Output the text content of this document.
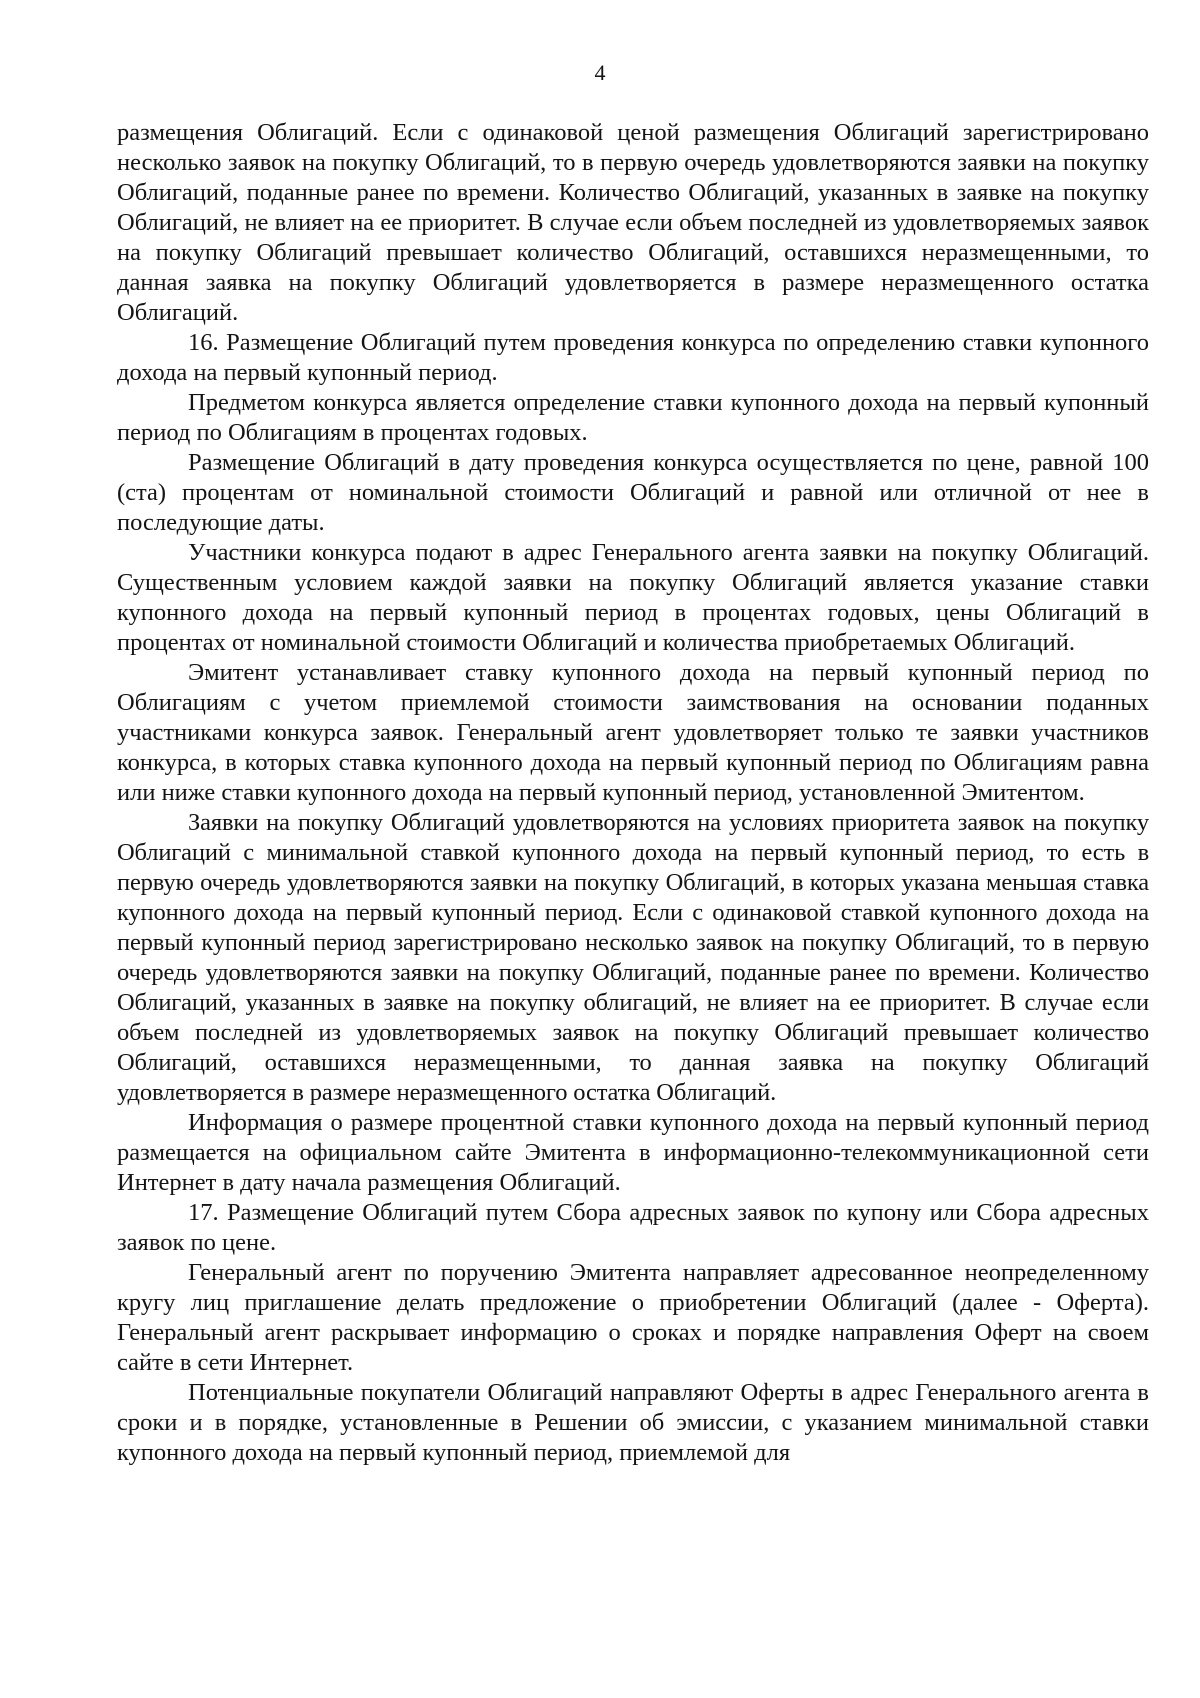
4

размещения Облигаций. Если с одинаковой ценой размещения Облигаций зарегистрировано несколько заявок на покупку Облигаций, то в первую очередь удовлетворяются заявки на покупку Облигаций, поданные ранее по времени. Количество Облигаций, указанных в заявке на покупку Облигаций, не влияет на ее приоритет. В случае если объем последней из удовлетворяемых заявок на покупку Облигаций превышает количество Облигаций, оставшихся неразмещенными, то данная заявка на покупку Облигаций удовлетворяется в размере неразмещенного остатка Облигаций.

16. Размещение Облигаций путем проведения конкурса по определению ставки купонного дохода на первый купонный период.

Предметом конкурса является определение ставки купонного дохода на первый купонный период по Облигациям в процентах годовых.

Размещение Облигаций в дату проведения конкурса осуществляется по цене, равной 100 (ста) процентам от номинальной стоимости Облигаций и равной или отличной от нее в последующие даты.

Участники конкурса подают в адрес Генерального агента заявки на покупку Облигаций. Существенным условием каждой заявки на покупку Облигаций является указание ставки купонного дохода на первый купонный период в процентах годовых, цены Облигаций в процентах от номинальной стоимости Облигаций и количества приобретаемых Облигаций.

Эмитент устанавливает ставку купонного дохода на первый купонный период по Облигациям с учетом приемлемой стоимости заимствования на основании поданных участниками конкурса заявок. Генеральный агент удовлетворяет только те заявки участников конкурса, в которых ставка купонного дохода на первый купонный период по Облигациям равна или ниже ставки купонного дохода на первый купонный период, установленной Эмитентом.

Заявки на покупку Облигаций удовлетворяются на условиях приоритета заявок на покупку Облигаций с минимальной ставкой купонного дохода на первый купонный период, то есть в первую очередь удовлетворяются заявки на покупку Облигаций, в которых указана меньшая ставка купонного дохода на первый купонный период. Если с одинаковой ставкой купонного дохода на первый купонный период зарегистрировано несколько заявок на покупку Облигаций, то в первую очередь удовлетворяются заявки на покупку Облигаций, поданные ранее по времени. Количество Облигаций, указанных в заявке на покупку облигаций, не влияет на ее приоритет. В случае если объем последней из удовлетворяемых заявок на покупку Облигаций превышает количество Облигаций, оставшихся неразмещенными, то данная заявка на покупку Облигаций удовлетворяется в размере неразмещенного остатка Облигаций.

Информация о размере процентной ставки купонного дохода на первый купонный период размещается на официальном сайте Эмитента в информационно-телекоммуникационной сети Интернет в дату начала размещения Облигаций.

17. Размещение Облигаций путем Сбора адресных заявок по купону или Сбора адресных заявок по цене.

Генеральный агент по поручению Эмитента направляет адресованное неопределенному кругу лиц приглашение делать предложение о приобретении Облигаций (далее - Оферта). Генеральный агент раскрывает информацию о сроках и порядке направления Оферт на своем сайте в сети Интернет.

Потенциальные покупатели Облигаций направляют Оферты в адрес Генерального агента в сроки и в порядке, установленные в Решении об эмиссии, с указанием минимальной ставки купонного дохода на первый купонный период, приемлемой для
